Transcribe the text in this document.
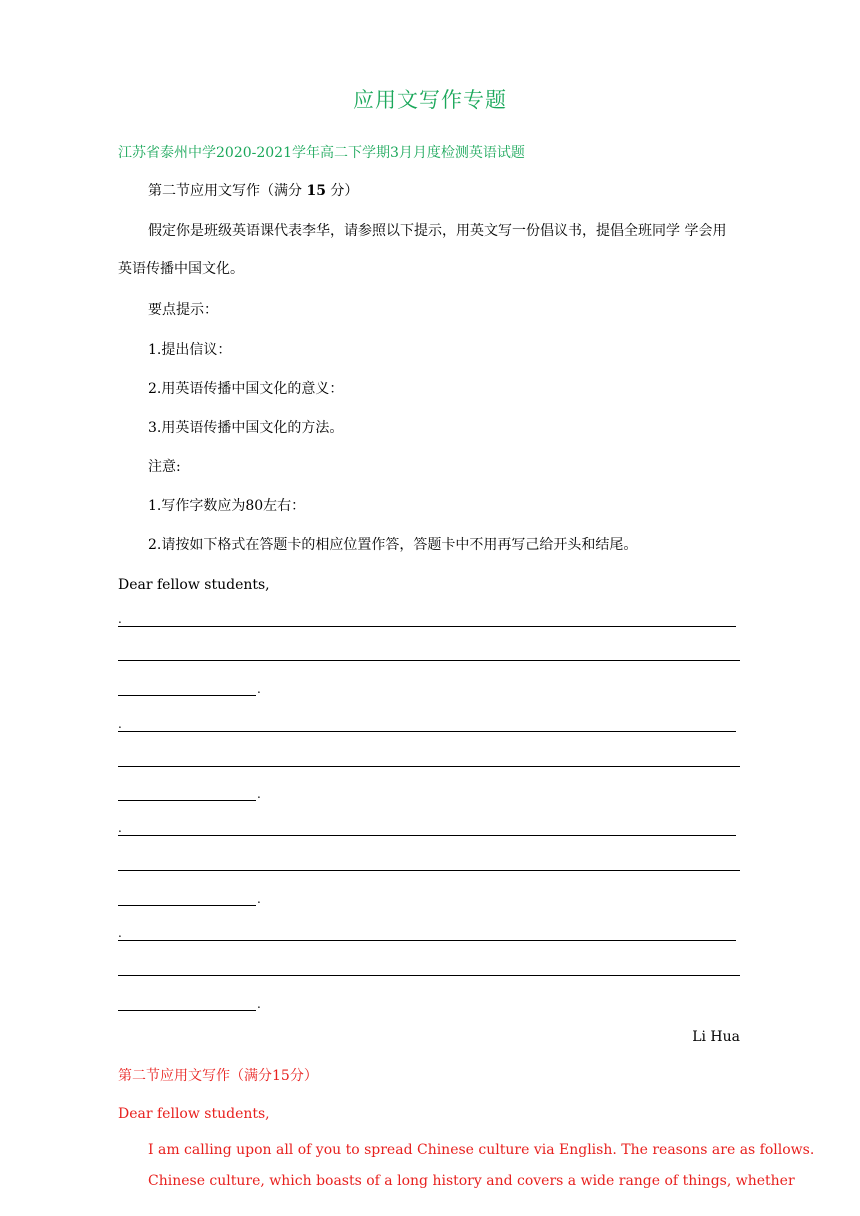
应用文写作专题
江苏省泰州中学2020-2021学年高二下学期3月月度检测英语试题
第二节应用文写作（满分 15 分）
假定你是班级英语课代表李华，请参照以下提示，用英文写一份倡议书，提倡全班同学 学会用英语传播中国文化。
要点提示：
1.提出信议：
2.用英语传播中国文化的意义：
3.用英语传播中国文化的方法。
注意:
1.写作字数应为80左右：
2.请按如下格式在答题卡的相应位置作答，答题卡中不用再写己给开头和结尾。
Dear fellow students,
.
.
.
.
.
.
.
.
Li Hua
第二节应用文写作（满分15分）
Dear fellow students,
I am calling upon all of you to spread Chinese culture via English. The reasons are as follows.
Chinese culture, which boasts of a long history and covers a wide range of things, whether
